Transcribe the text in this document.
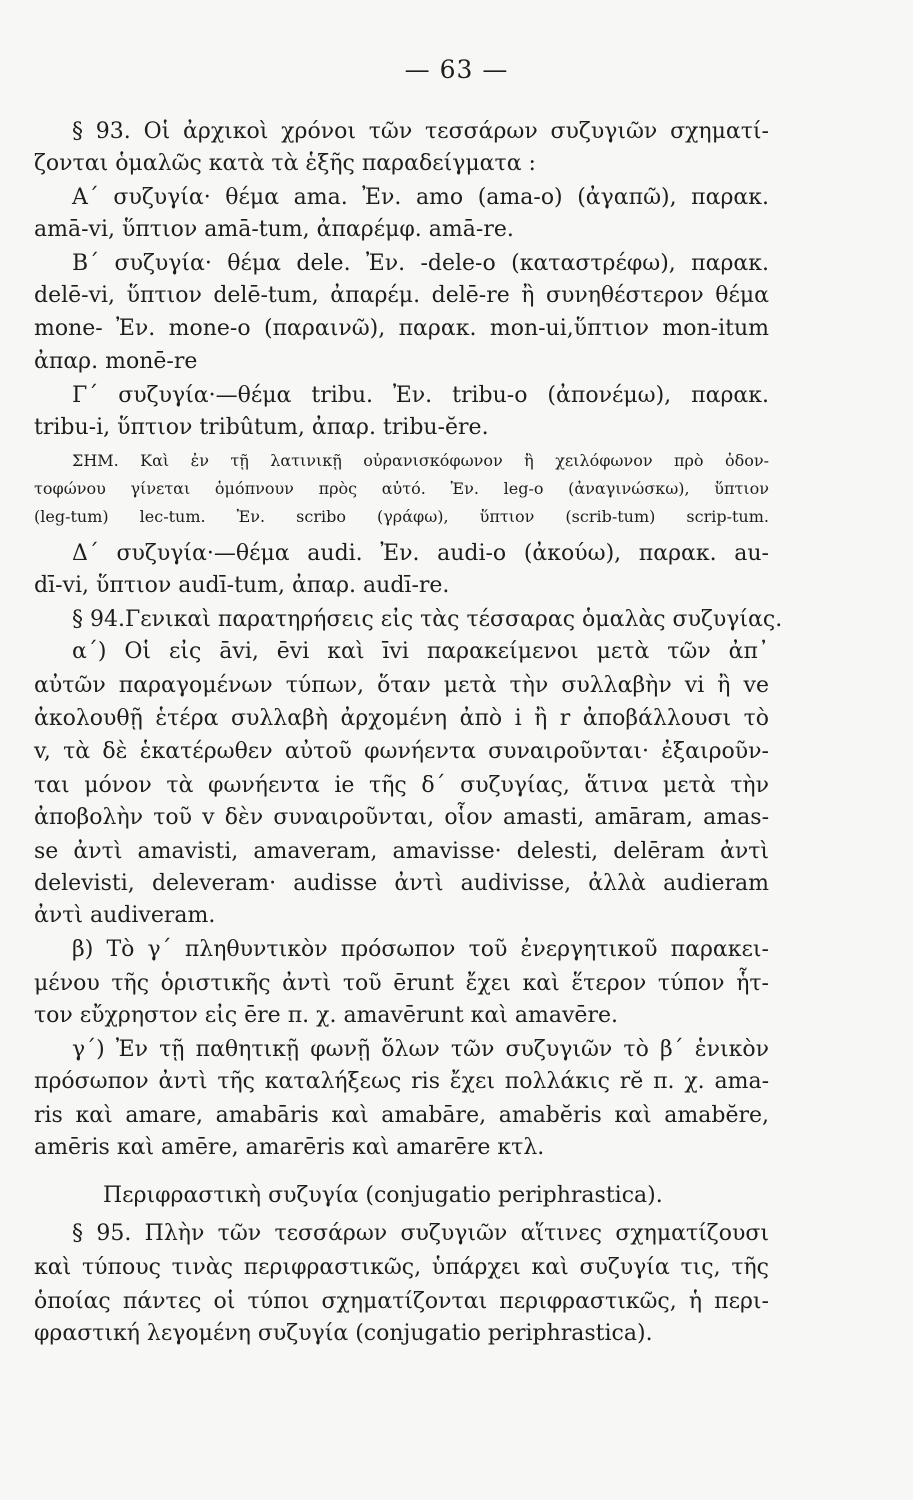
— 63 —
§ 93. Οἱ ἀρχικοὶ χρόνοι τῶν τεσσάρων συζυγιῶν σχηματί-
ζονται ὁμαλῶς κατὰ τὰ ἑξῆς παραδείγματα :
Α΄ συζυγία· θέμα ama. Ἐν. amo (ama-o) (ἀγαπῶ), παρακ.
amā-vi, ὕπτιον amā-tum, ἀπαρέμφ. amā-re.
Β΄ συζυγία· θέμα dele. Ἐν. -dele-o (καταστρέφω), παρακ.
delē-vi, ὕπτιον delē-tum, ἀπαρέμ. delē-re ἢ συνηθέστερον θέμα
mone- Ἐν. mone-o (παραινῶ), παρακ. mon-ui,ὕπτιον mon-itum
ἀπαρ. monē-re
Γ΄ συζυγία·—θέμα tribu. Ἐν. tribu-o (ἀπονέμω), παρακ.
tribu-i, ὕπτιον tribûtum, ἀπαρ. tribu-ĕre.
ΣΗΜ. Καὶ ἐν τῇ λατινικῇ οὐρανισκόφωνον ἢ χειλόφωνον πρὸ ὀδον-
τοφώνου γίνεται ὁμόπνουν πρὸς αὐτό. Ἐν. leg-o (ἀναγινώσκω), ὕπτιον
(leg-tum) lec-tum. Ἐν. scribo (γράφω), ὕπτιον (scrib-tum) scrip-tum.
Δ΄ συζυγία·—θέμα audi. Ἐν. audi-o (ἀκούω), παρακ. au-
dī-vi, ὕπτιον audī-tum, ἀπαρ. audī-re.
§ 94.Γενικαὶ παρατηρήσεις εἰς τὰς τέσσαρας ὁμαλὰς συζυγίας.
α΄) Οἱ εἰς āvi, ēvi καὶ īvi παρακείμενοι μετὰ τῶν ἀπ᾽
αὐτῶν παραγομένων τύπων, ὅταν μετὰ τὴν συλλαβὴν vi ἢ ve
ἀκολουθῇ ἑτέρα συλλαβὴ ἀρχομένη ἀπὸ i ἢ r ἀποβάλλουσι τὸ
v, τὰ δὲ ἑκατέρωθεν αὐτοῦ φωνήεντα συναιροῦνται· ἐξαιροῦν-
ται μόνον τὰ φωνήεντα ie τῆς δ΄ συζυγίας, ἅτινα μετὰ τὴν
ἀποβολὴν τοῦ v δὲν συναιροῦνται, οἷον amasti, amāram, amas-
se ἀντὶ amavisti, amaveram, amavisse· delesti, delēram ἀντὶ
delevisti, deleveram· audisse ἀντὶ audivisse, ἀλλὰ audieram
ἀντὶ audiveram.
β) Τὸ γ΄ πληθυντικὸν πρόσωπον τοῦ ἐνεργητικοῦ παρακει-
μένου τῆς ὁριστικῆς ἀντὶ τοῦ ērunt ἔχει καὶ ἕτερον τύπον ἧτ-
τον εὔχρηστον εἰς ēre π. χ. amavērunt καὶ amavēre.
γ΄) Ἐν τῇ παθητικῇ φωνῇ ὅλων τῶν συζυγιῶν τὸ β΄ ἑνικὸν
πρόσωπον ἀντὶ τῆς καταλήξεως ris ἔχει πολλάκις rĕ π. χ. ama-
ris καὶ amare, amabāris καὶ amabāre, amabĕris καὶ amabĕre,
amēris καὶ amēre, amarēris καὶ amarēre κτλ.
Περιφραστικὴ συζυγία (conjugatio periphrastica).
§ 95. Πλὴν τῶν τεσσάρων συζυγιῶν αἵτινες σχηματίζουσι
καὶ τύπους τινὰς περιφραστικῶς, ὑπάρχει καὶ συζυγία τις, τῆς
ὁποίας πάντες οἱ τύποι σχηματίζονται περιφραστικῶς, ἡ περι-
φραστική λεγομένη συζυγία (conjugatio periphrastica).
